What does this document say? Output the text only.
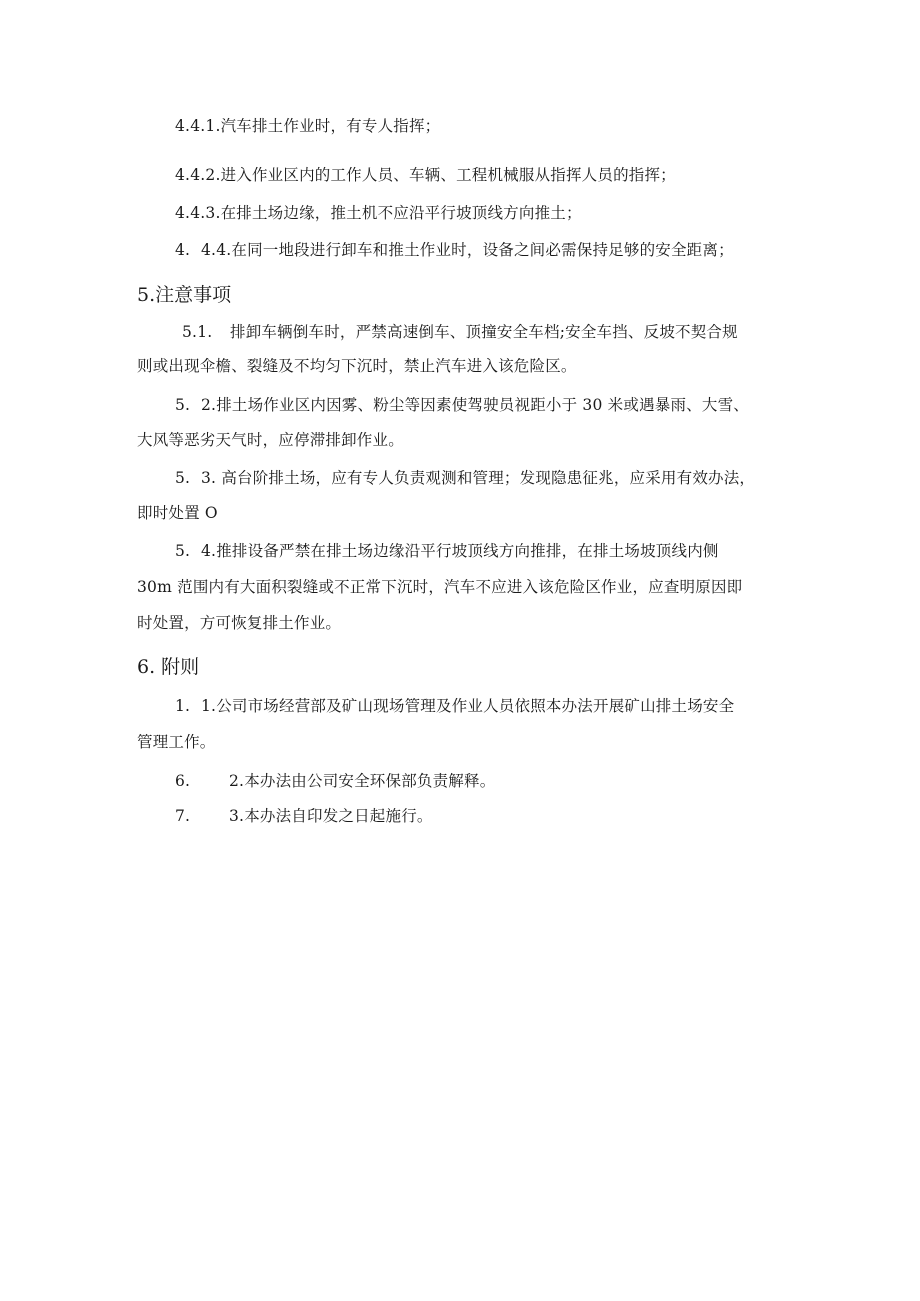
4.4.1.汽车排土作业时，有专人指挥；
4.4.2.进入作业区内的工作人员、车辆、工程机械服从指挥人员的指挥；
4.4.3.在排土场边缘，推土机不应沿平行坡顶线方向推土；
4. 4.4.在同一地段进行卸车和推土作业时，设备之间必需保持足够的安全距离；
5.注意事项
5.1. 排卸车辆倒车时，严禁高速倒车、顶撞安全车档;安全车挡、反坡不契合规
则或出现伞檐、裂缝及不均匀下沉时，禁止汽车进入该危险区。
5. 2.排土场作业区内因雾、粉尘等因素使驾驶员视距小于 30 米或遇暴雨、大雪、
大风等恶劣天气时，应停滞排卸作业。
5. 3. 高台阶排土场，应有专人负责观测和管理；发现隐患征兆，应采用有效办法，
即时处置 O
5. 4.推排设备严禁在排土场边缘沿平行坡顶线方向推排，在排土场坡顶线内侧
30m 范围内有大面积裂缝或不正常下沉时，汽车不应进入该危险区作业，应查明原因即
时处置，方可恢复排土作业。
6. 附则
1. 1.公司市场经营部及矿山现场管理及作业人员依照本办法开展矿山排土场安全
管理工作。
6.	2.本办法由公司安全环保部负责解释。
7.	3.本办法自印发之日起施行。
